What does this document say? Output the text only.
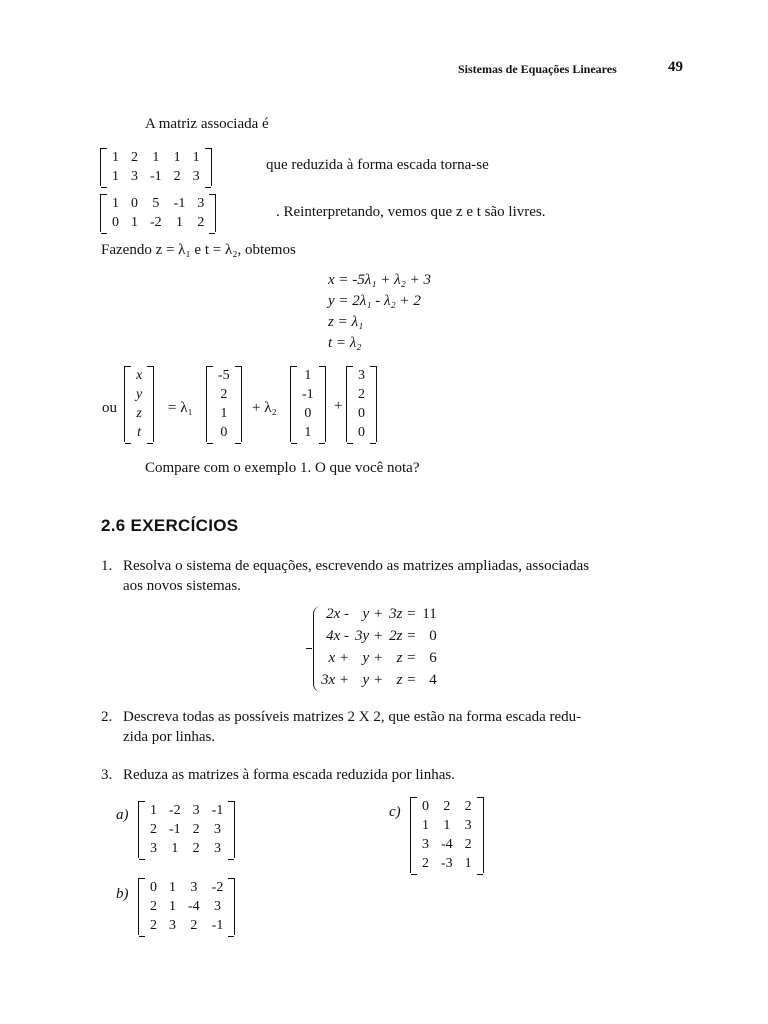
Sistemas de Equações Lineares	49
A matriz associada é
1	2	1	1	1
1	3	-1	2	3
que reduzida à forma escada torna-se
1	0	5	-1	3
0	1	-2	1	2
. Reinterpretando, vemos que z e t são livres.
Fazendo z = λ₁ e t = λ₂, obtemos
x = -5λ₁ + λ₂ + 3
y = 2λ₁ - λ₂ + 2
z = λ₁
t = λ₂
ou
x
y
z
t
= λ₁
-5
2
1
0
+ λ₂
1
-1
0
1
+
3
2
0
0
Compare com o exemplo 1. O que você nota?
2.6 EXERCÍCIOS
1. Resolva o sistema de equações, escrevendo as matrizes ampliadas, associadas
aos novos sistemas.
2x -	y +	3z =	11
4x -	3y +	2z =	0
x +	y +	z =	6
3x +	y +	z =	4
2. Descreva todas as possíveis matrizes 2 X 2, que estão na forma escada redu-
zida por linhas.
3. Reduza as matrizes à forma escada reduzida por linhas.
a) 1	-2	3	-1
2	-1	2	3
3	1	2	3
b) 0	1	3	-2
2	1	-4	3
2	3	2	-1
c) 0	2	2
1	1	3
3	-4	2
2	-3	1
